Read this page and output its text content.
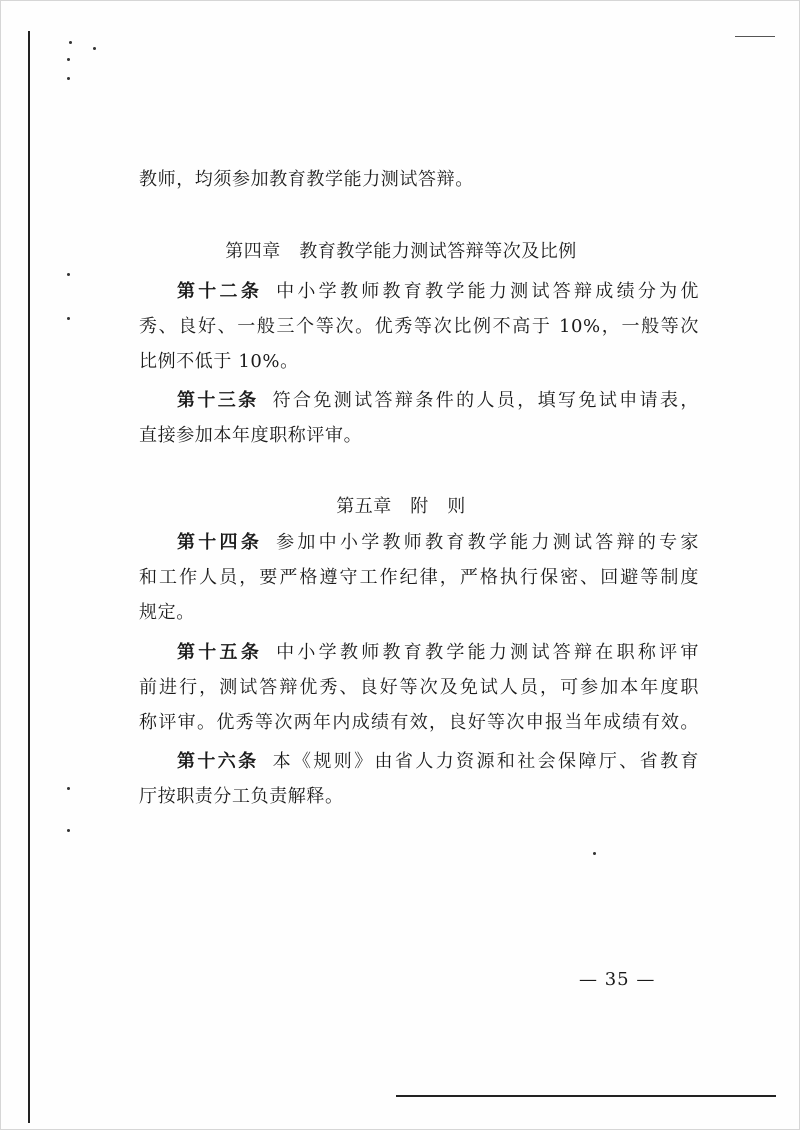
教师，均须参加教育教学能力测试答辩。
第四章　教育教学能力测试答辩等次及比例
第十二条 中小学教师教育教学能力测试答辩成绩分为优
秀、良好、一般三个等次。优秀等次比例不高于 10%，一般等次
比例不低于 10%。
第十三条 符合免测试答辩条件的人员，填写免试申请表，
直接参加本年度职称评审。
第五章　附　则
第十四条 参加中小学教师教育教学能力测试答辩的专家
和工作人员，要严格遵守工作纪律，严格执行保密、回避等制度
规定。
第十五条 中小学教师教育教学能力测试答辩在职称评审
前进行，测试答辩优秀、良好等次及免试人员，可参加本年度职
称评审。优秀等次两年内成绩有效，良好等次申报当年成绩有效。
第十六条 本《规则》由省人力资源和社会保障厅、省教育
厅按职责分工负责解释。
— 35 —
